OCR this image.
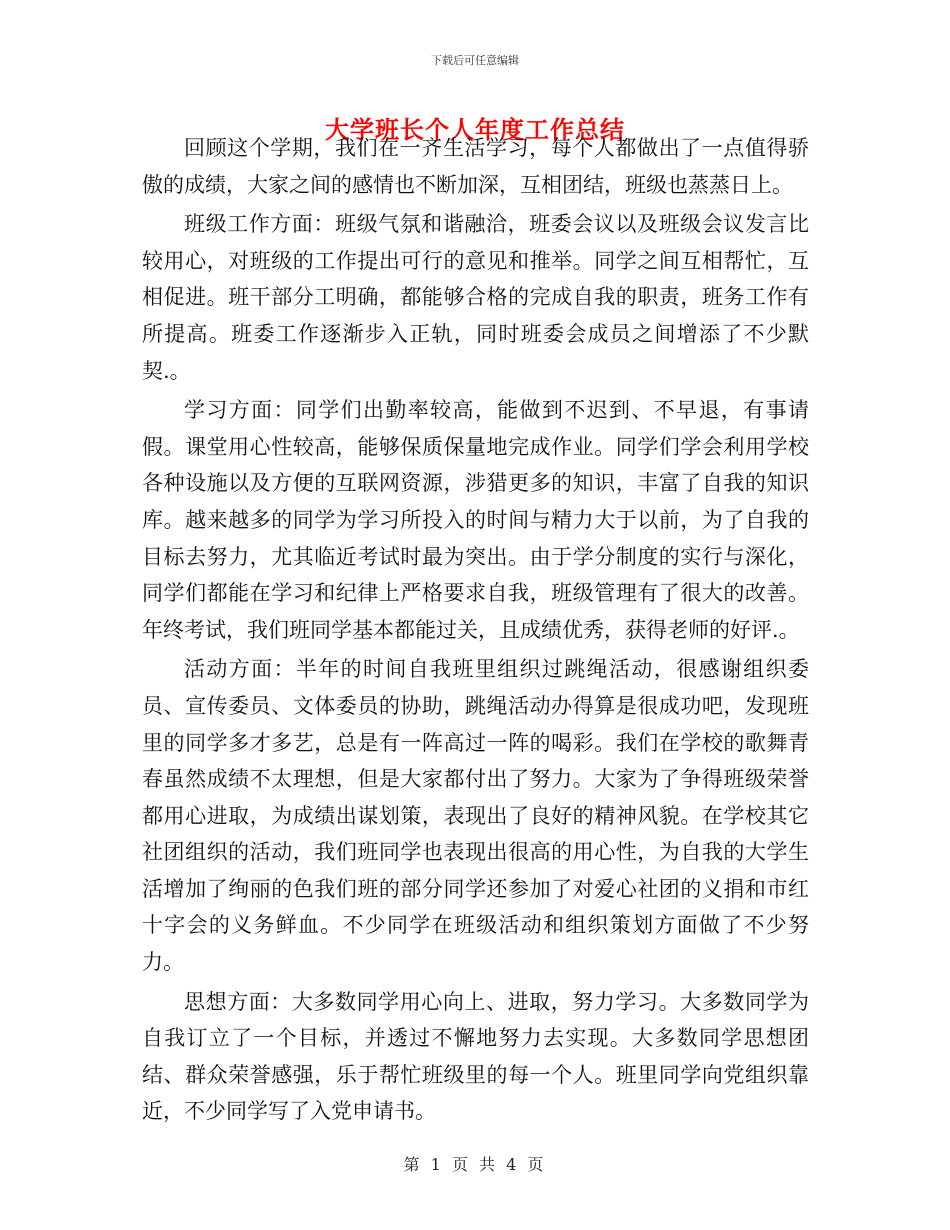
下载后可任意编辑
大学班长个人年度工作总结

回顾这个学期，我们在一齐生活学习，每个人都做出了一点值得骄傲的成绩，大家之间的感情也不断加深，互相团结，班级也蒸蒸日上。

班级工作方面：班级气氛和谐融洽，班委会议以及班级会议发言比较用心，对班级的工作提出可行的意见和推举。同学之间互相帮忙，互相促进。班干部分工明确，都能够合格的完成自我的职责，班务工作有所提高。班委工作逐渐步入正轨，同时班委会成员之间增添了不少默契.。

学习方面：同学们出勤率较高，能做到不迟到、不早退，有事请假。课堂用心性较高，能够保质保量地完成作业。同学们学会利用学校各种设施以及方便的互联网资源，涉猎更多的知识，丰富了自我的知识库。越来越多的同学为学习所投入的时间与精力大于以前，为了自我的目标去努力，尤其临近考试时最为突出。由于学分制度的实行与深化，同学们都能在学习和纪律上严格要求自我，班级管理有了很大的改善。年终考试，我们班同学基本都能过关，且成绩优秀，获得老师的好评.。

活动方面：半年的时间自我班里组织过跳绳活动，很感谢组织委员、宣传委员、文体委员的协助，跳绳活动办得算是很成功吧，发现班里的同学多才多艺，总是有一阵高过一阵的喝彩。我们在学校的歌舞青春虽然成绩不太理想，但是大家都付出了努力。大家为了争得班级荣誉都用心进取，为成绩出谋划策，表现出了良好的精神风貌。在学校其它社团组织的活动，我们班同学也表现出很高的用心性，为自我的大学生活增加了绚丽的色我们班的部分同学还参加了对爱心社团的义捐和市红十字会的义务鲜血。不少同学在班级活动和组织策划方面做了不少努力。

思想方面：大多数同学用心向上、进取，努力学习。大多数同学为自我订立了一个目标，并透过不懈地努力去实现。大多数同学思想团结、群众荣誉感强，乐于帮忙班级里的每一个人。班里同学向党组织靠近，不少同学写了入党申请书。

第 1 页 共 4 页
